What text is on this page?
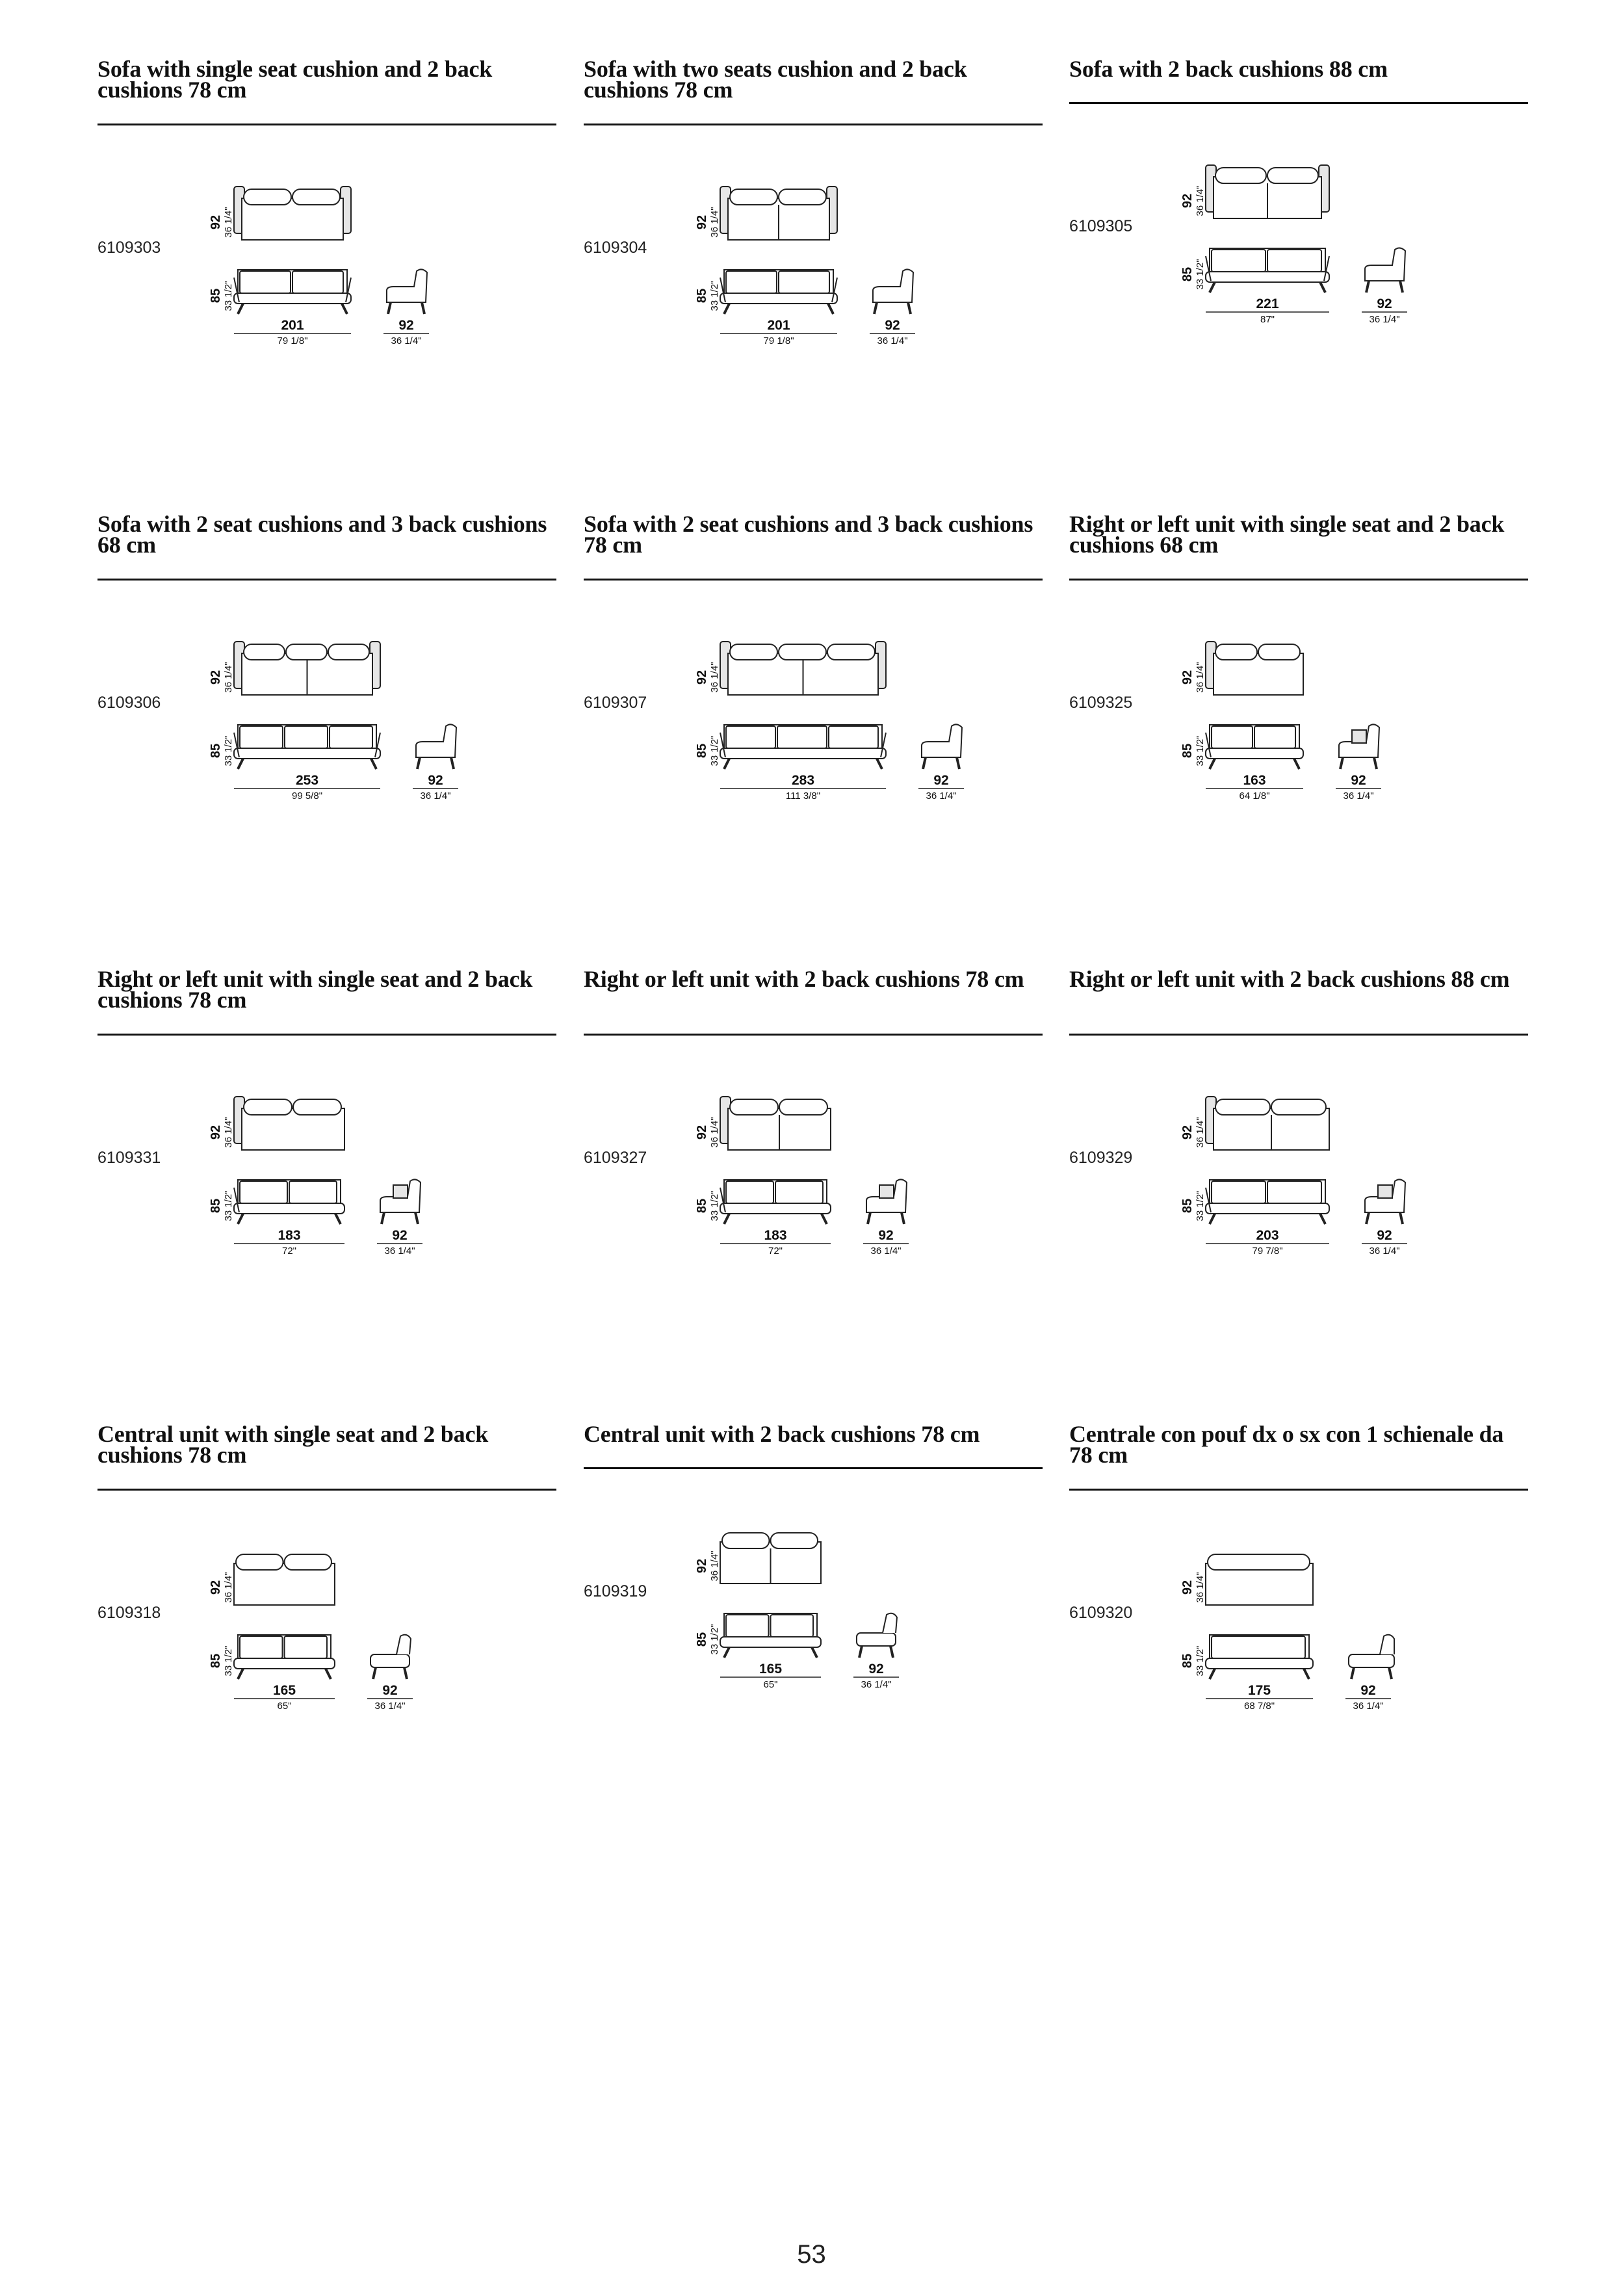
Sofa with single seat cushion and 2 back cushions 78 cm
6109303
92 36 1/4"
85 33 1/2"
201
79 1/8"
92
36 1/4"
Sofa with two seats cushion and 2 back cushions 78 cm
6109304
92 36 1/4"
85 33 1/2"
201
79 1/8"
92
36 1/4"
Sofa with 2 back cushions 88 cm
6109305
92 36 1/4"
85 33 1/2"
221
87"
92
36 1/4"
Sofa with 2 seat cushions and 3 back cushions 68 cm
6109306
92 36 1/4"
85 33 1/2"
253
99 5/8"
92
36 1/4"
Sofa with 2 seat cushions and 3 back cushions 78 cm
6109307
92 36 1/4"
85 33 1/2"
283
111 3/8"
92
36 1/4"
Right or left unit with single seat and 2 back cushions 68 cm
6109325
92 36 1/4"
85 33 1/2"
163
64 1/8"
92
36 1/4"
Right or left unit with single seat and 2 back cushions 78 cm
6109331
92 36 1/4"
85 33 1/2"
183
72"
92
36 1/4"
Right or left unit with 2 back cushions 78 cm
6109327
92 36 1/4"
85 33 1/2"
183
72"
92
36 1/4"
Right or left unit with 2 back cushions 88 cm
6109329
92 36 1/4"
85 33 1/2"
203
79 7/8"
92
36 1/4"
Central unit with single seat and 2 back cushions 78 cm
6109318
92 36 1/4"
85 33 1/2"
165
65"
92
36 1/4"
Central unit with 2 back cushions 78 cm
6109319
92 36 1/4"
85 33 1/2"
165
65"
92
36 1/4"
Centrale con pouf dx o sx con 1 schienale da 78 cm
6109320
92 36 1/4"
85 33 1/2"
175
68 7/8"
92
36 1/4"
53
